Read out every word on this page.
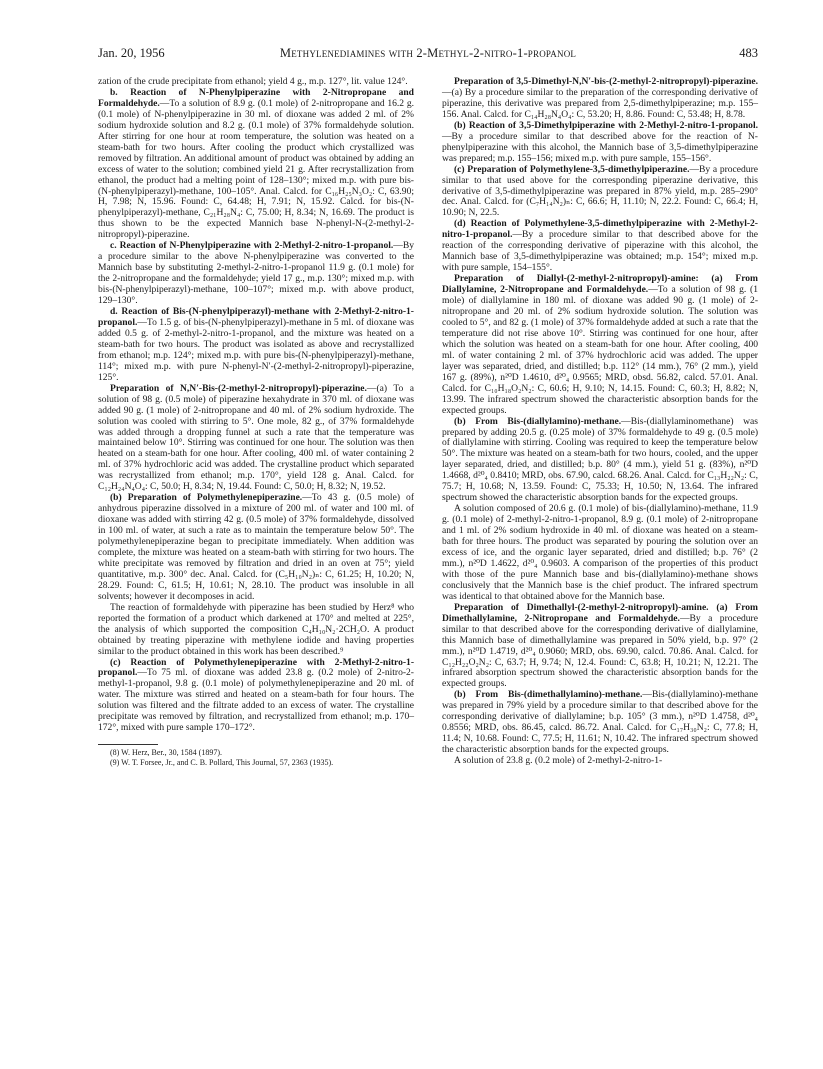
Jan. 20, 1956	Methylenediamines with 2-Methyl-2-nitro-1-propanol	483

zation of the crude precipitate from ethanol; yield 4 g., m.p. 127°, lit. value 124°.

b. Reaction of N-Phenylpiperazine with 2-Nitropropane and Formaldehyde.—To a solution of 8.9 g. (0.1 mole) of 2-nitropropane and 16.2 g. (0.1 mole) of N-phenylpiperazine in 30 ml. of dioxane was added 2 ml. of 2% sodium hydroxide solution and 8.2 g. (0.1 mole) of 37% formaldehyde solution. After stirring for one hour at room temperature, the solution was heated on a steam-bath for two hours. After cooling the product which crystallized was removed by filtration. An additional amount of product was obtained by adding an excess of water to the solution; combined yield 21 g. After recrystallization from ethanol, the product had a melting point of 128–130°; mixed m.p. with pure bis-(N-phenylpiperazyl)-methane, 100–105°. Anal. Calcd. for C₁₆H₂₅N₃O₂: C, 63.90; H, 7.98; N, 15.96. Found: C, 64.48; H, 7.91; N, 15.92. Calcd. for bis-(N-phenylpiperazyl)-methane, C₂₁H₂₈N₄: C, 75.00; H, 8.34; N, 16.69. The product is thus shown to be the expected Mannich base N-phenyl-N-(2-methyl-2-nitropropyl)-piperazine.

c. Reaction of N-Phenylpiperazine with 2-Methyl-2-nitro-1-propanol.—By a procedure similar to the above N-phenylpiperazine was converted to the Mannich base by substituting 2-methyl-2-nitro-1-propanol 11.9 g. (0.1 mole) for the 2-nitropropane and the formaldehyde; yield 17 g., m.p. 130°; mixed m.p. with bis-(N-phenylpiperazyl)-methane, 100–107°; mixed m.p. with above product, 129–130°.

d. Reaction of Bis-(N-phenylpiperazyl)-methane with 2-Methyl-2-nitro-1-propanol.—To 1.5 g. of bis-(N-phenylpiperazyl)-methane in 5 ml. of dioxane was added 0.5 g. of 2-methyl-2-nitro-1-propanol, and the mixture was heated on a steam-bath for two hours. The product was isolated as above and recrystallized from ethanol; m.p. 124°; mixed m.p. with pure bis-(N-phenylpiperazyl)-methane, 114°; mixed m.p. with pure N-phenyl-N′-(2-methyl-2-nitropropyl)-piperazine, 125°.

Preparation of N,N′-Bis-(2-methyl-2-nitropropyl)-piperazine.—(a) To a solution of 98 g. (0.5 mole) of piperazine hexahydrate in 370 ml. of dioxane was added 90 g. (1 mole) of 2-nitropropane and 40 ml. of 2% sodium hydroxide. The solution was cooled with stirring to 5°. One mole, 82 g., of 37% formaldehyde was added through a dropping funnel at such a rate that the temperature was maintained below 10°. Stirring was continued for one hour. The solution was then heated on a steam-bath for one hour. After cooling, 400 ml. of water containing 2 ml. of 37% hydrochloric acid was added. The crystalline product which separated was recrystallized from ethanol; m.p. 170°, yield 128 g. Anal. Calcd. for C₁₂H₂₄N₄O₄: C, 50.0; H, 8.34; N, 19.44. Found: C, 50.0; H, 8.32; N, 19.52.

(b) Preparation of Polymethylenepiperazine.—To 43 g. (0.5 mole) of anhydrous piperazine dissolved in a mixture of 200 ml. of water and 100 ml. of dioxane was added with stirring 42 g. (0.5 mole) of 37% formaldehyde, dissolved in 100 ml. of water, at such a rate as to maintain the temperature below 50°. The polymethylenepiperazine began to precipitate immediately. When addition was complete, the mixture was heated on a steam-bath with stirring for two hours. The white precipitate was removed by filtration and dried in an oven at 75°; yield quantitative, m.p. 300° dec. Anal. Calcd. for (C₅H₁₀N₂)ₙ: C, 61.25; H, 10.20; N, 28.29. Found: C, 61.5; H, 10.61; N, 28.10. The product was insoluble in all solvents; however it decomposes in acid.

The reaction of formaldehyde with piperazine has been studied by Herz⁸ who reported the formation of a product which darkened at 170° and melted at 225°, the analysis of which supported the composition C₄H₁₀N₂·2CH₂O. A product obtained by treating piperazine with methylene iodide and having properties similar to the product obtained in this work has been described.⁹

(c) Reaction of Polymethylenepiperazine with 2-Methyl-2-nitro-1-propanol.—To 75 ml. of dioxane was added 23.8 g. (0.2 mole) of 2-nitro-2-methyl-1-propanol, 9.8 g. (0.1 mole) of polymethylenepiperazine and 20 ml. of water. The mixture was stirred and heated on a steam-bath for four hours. The solution was filtered and the filtrate added to an excess of water. The crystalline precipitate was removed by filtration, and recrystallized from ethanol; m.p. 170–172°, mixed with pure sample 170–172°.

(8) W. Herz, Ber., 30, 1584 (1897).

(9) W. T. Forsee, Jr., and C. B. Pollard, This Journal, 57, 2363 (1935).

Preparation of 3,5-Dimethyl-N,N′-bis-(2-methyl-2-nitropropyl)-piperazine.—(a) By a procedure similar to the preparation of the corresponding derivative of piperazine, this derivative was prepared from 2,5-dimethylpiperazine; m.p. 155–156. Anal. Calcd. for C₁₄H₂₈N₄O₄: C, 53.20; H, 8.86. Found: C, 53.48; H, 8.78.

(b) Reaction of 3,5-Dimethylpiperazine with 2-Methyl-2-nitro-1-propanol.—By a procedure similar to that described above for the reaction of N-phenylpiperazine with this alcohol, the Mannich base of 3,5-dimethylpiperazine was prepared; m.p. 155–156; mixed m.p. with pure sample, 155–156°.

(c) Preparation of Polymethylene-3,5-dimethylpiperazine.—By a procedure similar to that used above for the corresponding piperazine derivative, this derivative of 3,5-dimethylpiperazine was prepared in 87% yield, m.p. 285–290° dec. Anal. Calcd. for (C₇H₁₄N₂)ₙ: C, 66.6; H, 11.10; N, 22.2. Found: C, 66.4; H, 10.90; N, 22.5.

(d) Reaction of Polymethylene-3,5-dimethylpiperazine with 2-Methyl-2-nitro-1-propanol.—By a procedure similar to that described above for the reaction of the corresponding derivative of piperazine with this alcohol, the Mannich base of 3,5-dimethylpiperazine was obtained; m.p. 154°; mixed m.p. with pure sample, 154–155°.

Preparation of Diallyl-(2-methyl-2-nitropropyl)-amine: (a) From Diallylamine, 2-Nitropropane and Formaldehyde.—To a solution of 98 g. (1 mole) of diallylamine in 180 ml. of dioxane was added 90 g. (1 mole) of 2-nitropropane and 20 ml. of 2% sodium hydroxide solution. The solution was cooled to 5°, and 82 g. (1 mole) of 37% formaldehyde added at such a rate that the temperature did not rise above 10°. Stirring was continued for one hour, after which the solution was heated on a steam-bath for one hour. After cooling, 400 ml. of water containing 2 ml. of 37% hydrochloric acid was added. The upper layer was separated, dried, and distilled; b.p. 112° (14 mm.), 76° (2 mm.), yield 167 g. (89%), n²⁰D 1.4610, d²⁰₄ 0.9565; MRD, obsd. 56.82, calcd. 57.01. Anal. Calcd. for C₁₀H₁₈O₂N₂: C, 60.6; H, 9.10; N, 14.15. Found: C, 60.3; H, 8.82; N, 13.99. The infrared spectrum showed the characteristic absorption bands for the expected groups.

(b) From Bis-(diallylamino)-methane.—Bis-(diallylaminomethane) was prepared by adding 20.5 g. (0.25 mole) of 37% formaldehyde to 49 g. (0.5 mole) of diallylamine with stirring. Cooling was required to keep the temperature below 50°. The mixture was heated on a steam-bath for two hours, cooled, and the upper layer separated, dried, and distilled; b.p. 80° (4 mm.), yield 51 g. (83%), n²⁰D 1.4668, d²⁰₄ 0.8410; MRD, obs. 67.90, calcd. 68.26. Anal. Calcd. for C₁₃H₂₂N₂: C, 75.7; H, 10.68; N, 13.59. Found: C, 75.33; H, 10.50; N, 13.64. The infrared spectrum showed the characteristic absorption bands for the expected groups.

A solution composed of 20.6 g. (0.1 mole) of bis-(diallylamino)-methane, 11.9 g. (0.1 mole) of 2-methyl-2-nitro-1-propanol, 8.9 g. (0.1 mole) of 2-nitropropane and 1 ml. of 2% sodium hydroxide in 40 ml. of dioxane was heated on a steam-bath for three hours. The product was separated by pouring the solution over an excess of ice, and the organic layer separated, dried and distilled; b.p. 76° (2 mm.), n²⁰D 1.4622, d²⁰₄ 0.9603. A comparison of the properties of this product with those of the pure Mannich base and bis-(diallylamino)-methane shows conclusively that the Mannich base is the chief product. The infrared spectrum was identical to that obtained above for the Mannich base.

Preparation of Dimethallyl-(2-methyl-2-nitropropyl)-amine. (a) From Dimethallylamine, 2-Nitropropane and Formaldehyde.—By a procedure similar to that described above for the corresponding derivative of diallylamine, this Mannich base of dimethallylamine was prepared in 50% yield, b.p. 97° (2 mm.), n²⁰D 1.4719, d²⁰₄ 0.9060; MRD, obs. 69.90, calcd. 70.86. Anal. Calcd. for C₁₂H₂₂O₂N₂: C, 63.7; H, 9.74; N, 12.4. Found: C, 63.8; H, 10.21; N, 12.21. The infrared absorption spectrum showed the characteristic absorption bands for the expected groups.

(b) From Bis-(dimethallylamino)-methane.—Bis-(diallylamino)-methane was prepared in 79% yield by a procedure similar to that described above for the corresponding derivative of diallylamine; b.p. 105° (3 mm.), n²⁰D 1.4758, d²⁰₄ 0.8556; MRD, obs. 86.45, calcd. 86.72. Anal. Calcd. for C₁₇H₃₀N₂: C, 77.8; H, 11.4; N, 10.68. Found: C, 77.5; H, 11.61; N, 10.42. The infrared spectrum showed the characteristic absorption bands for the expected groups.

A solution of 23.8 g. (0.2 mole) of 2-methyl-2-nitro-1-
